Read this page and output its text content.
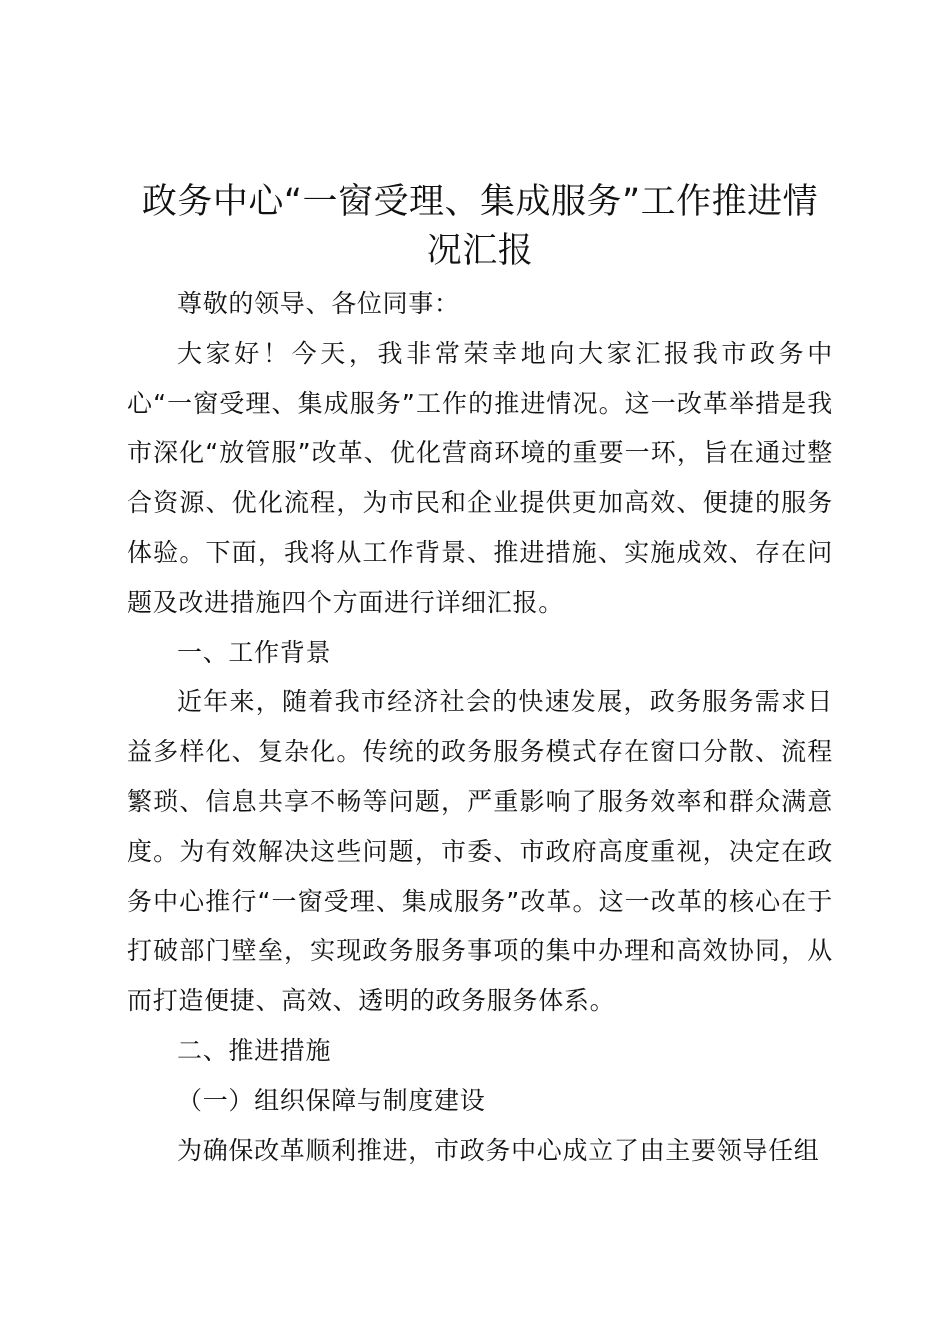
政务中心“一窗受理、集成服务”工作推进情况汇报

尊敬的领导、各位同事：

大家好！今天，我非常荣幸地向大家汇报我市政务中心“一窗受理、集成服务”工作的推进情况。这一改革举措是我市深化“放管服”改革、优化营商环境的重要一环，旨在通过整合资源、优化流程，为市民和企业提供更加高效、便捷的服务体验。下面，我将从工作背景、推进措施、实施成效、存在问题及改进措施四个方面进行详细汇报。

一、工作背景

近年来，随着我市经济社会的快速发展，政务服务需求日益多样化、复杂化。传统的政务服务模式存在窗口分散、流程繁琐、信息共享不畅等问题，严重影响了服务效率和群众满意度。为有效解决这些问题，市委、市政府高度重视，决定在政务中心推行“一窗受理、集成服务”改革。这一改革的核心在于打破部门壁垒，实现政务服务事项的集中办理和高效协同，从而打造便捷、高效、透明的政务服务体系。

二、推进措施

（一）组织保障与制度建设

为确保改革顺利推进，市政务中心成立了由主要领导任组
